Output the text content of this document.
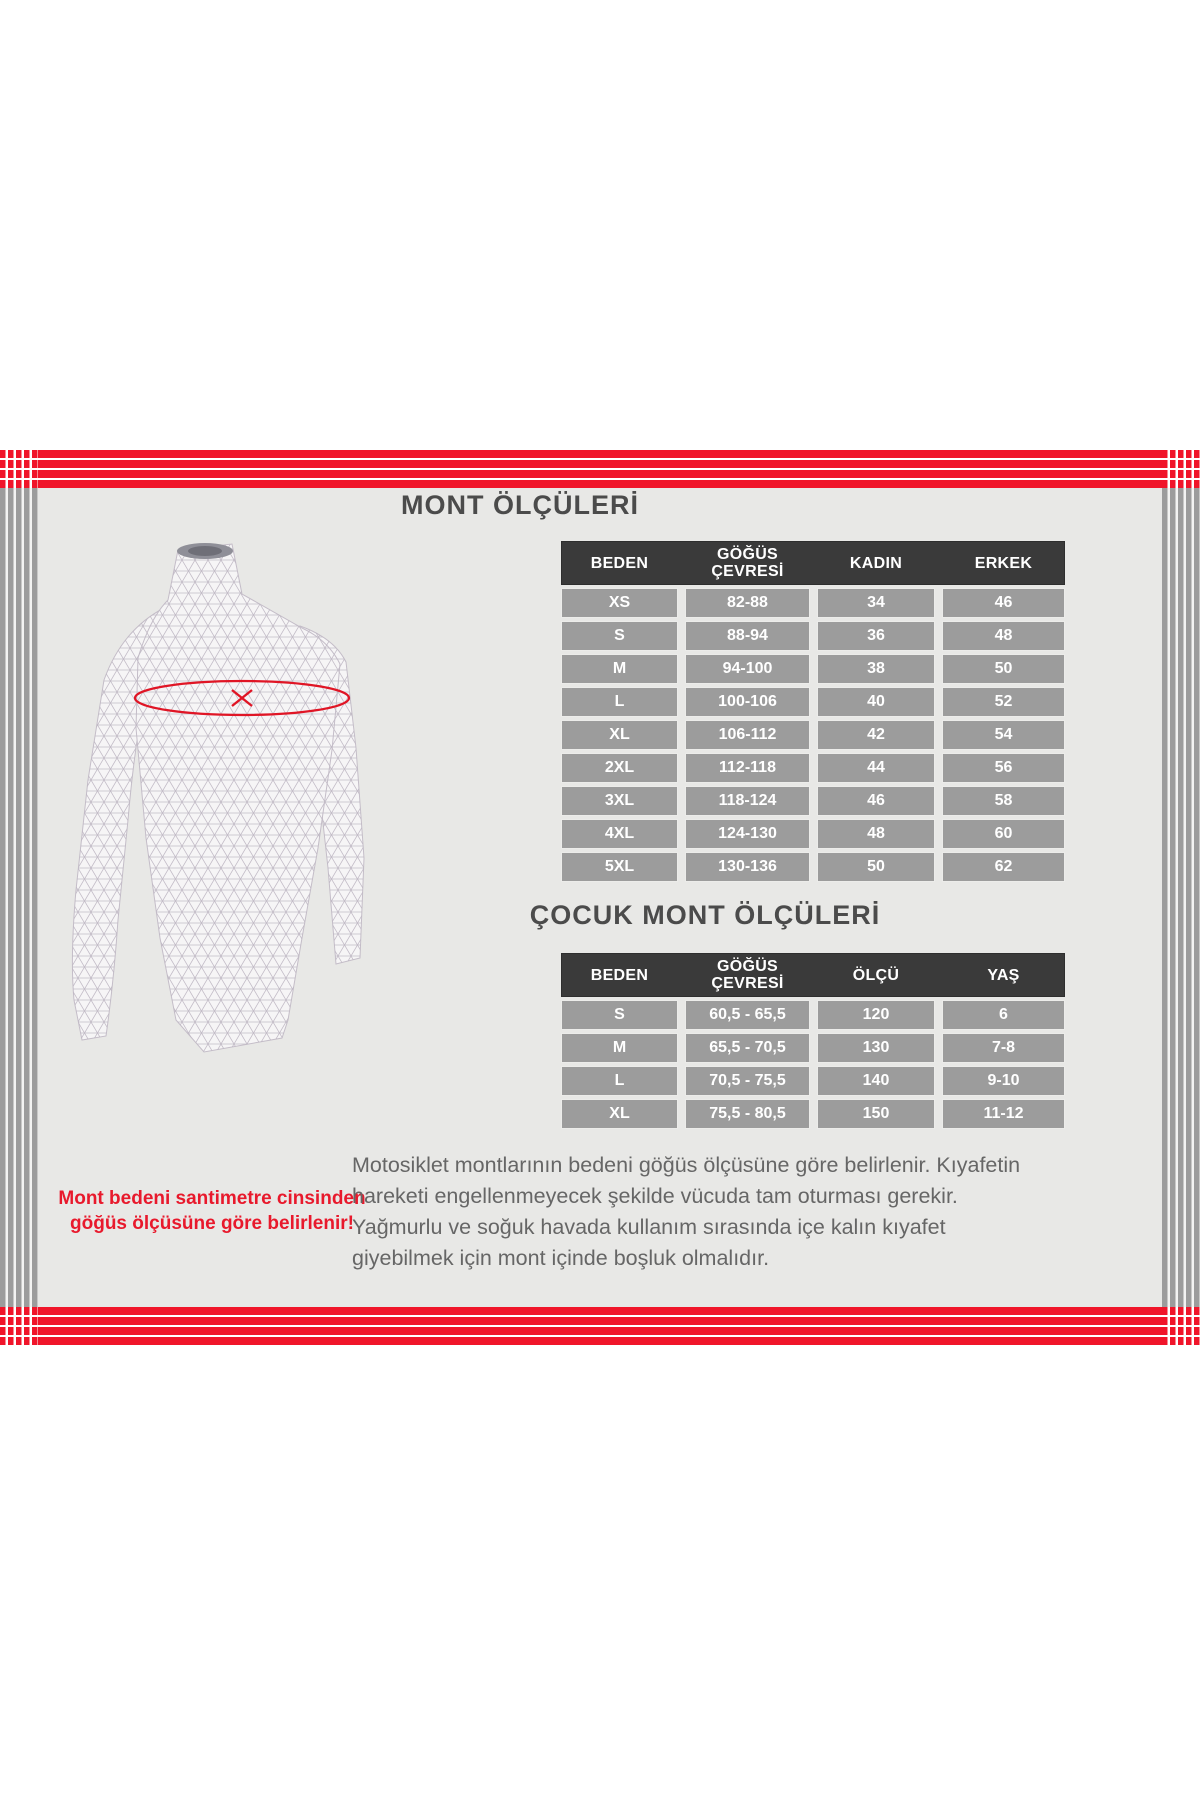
MONT ÖLÇÜLERİ
BEDEN	GÖĞÜS ÇEVRESİ	KADIN	ERKEK
XS	82-88	34	46
S	88-94	36	48
M	94-100	38	50
L	100-106	40	52
XL	106-112	42	54
2XL	112-118	44	56
3XL	118-124	46	58
4XL	124-130	48	60
5XL	130-136	50	62
ÇOCUK MONT ÖLÇÜLERİ
BEDEN	GÖĞÜS ÇEVRESİ	ÖLÇÜ	YAŞ
S	60,5 - 65,5	120	6
M	65,5 - 70,5	130	7-8
L	70,5 - 75,5	140	9-10
XL	75,5 - 80,5	150	11-12
Mont bedeni santimetre cinsinden göğüs ölçüsüne göre belirlenir!
Motosiklet montlarının bedeni göğüs ölçüsüne göre belirlenir. Kıyafetin hareketi engellenmeyecek şekilde vücuda tam oturması gerekir. Yağmurlu ve soğuk havada kullanım sırasında içe kalın kıyafet giyebilmek için mont içinde boşluk olmalıdır.
